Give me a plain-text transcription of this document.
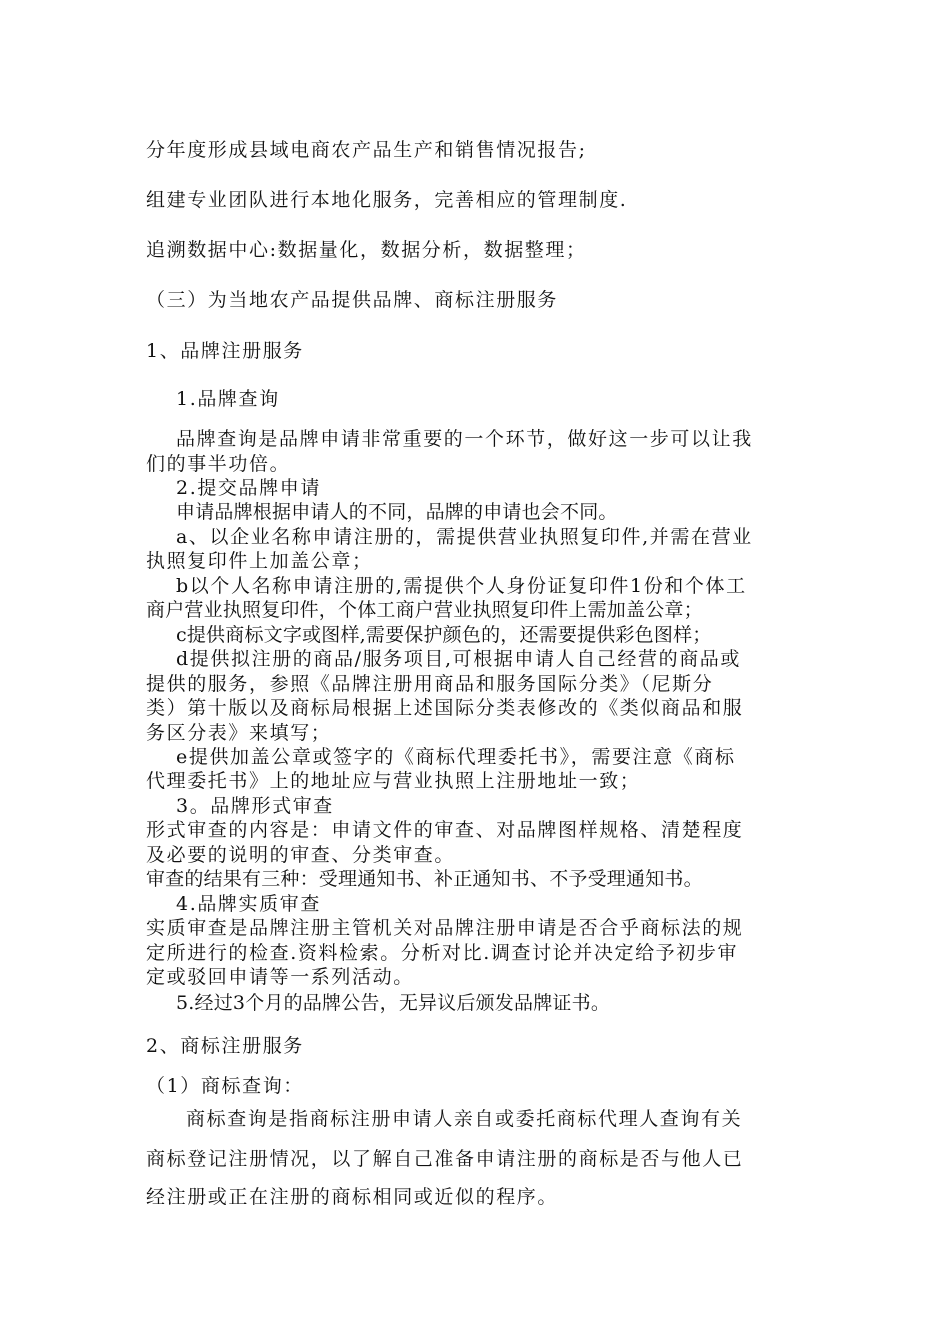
分年度形成县域电商农产品生产和销售情况报告;

组建专业团队进行本地化服务，完善相应的管理制度.

追溯数据中心:数据量化，数据分析，数据整理；

（三）为当地农产品提供品牌、商标注册服务

1、品牌注册服务

1.品牌查询

品牌查询是品牌申请非常重要的一个环节，做好这一步可以让我

们的事半功倍。

2.提交品牌申请

申请品牌根据申请人的不同，品牌的申请也会不同。

a、以企业名称申请注册的，需提供营业执照复印件,并需在营业

执照复印件上加盖公章；

b以个人名称申请注册的,需提供个人身份证复印件1份和个体工

商户营业执照复印件，个体工商户营业执照复印件上需加盖公章；

c提供商标文字或图样,需要保护颜色的，还需要提供彩色图样；

d提供拟注册的商品/服务项目,可根据申请人自己经营的商品或

提供的服务，参照《品牌注册用商品和服务国际分类》（尼斯分

类）第十版以及商标局根据上述国际分类表修改的《类似商品和服

务区分表》来填写；

e提供加盖公章或签字的《商标代理委托书》，需要注意《商标

代理委托书》上的地址应与营业执照上注册地址一致；

3。品牌形式审查

形式审查的内容是：申请文件的审查、对品牌图样规格、清楚程度

及必要的说明的审查、分类审查。

审查的结果有三种：受理通知书、补正通知书、不予受理通知书。

4.品牌实质审查

实质审查是品牌注册主管机关对品牌注册申请是否合乎商标法的规

定所进行的检查.资料检索。分析对比.调查讨论并决定给予初步审

定或驳回申请等一系列活动。

5.经过3个月的品牌公告，无异议后颁发品牌证书。

2、商标注册服务

（1）商标查询：

商标查询是指商标注册申请人亲自或委托商标代理人查询有关

商标登记注册情况，以了解自己准备申请注册的商标是否与他人已

经注册或正在注册的商标相同或近似的程序。
